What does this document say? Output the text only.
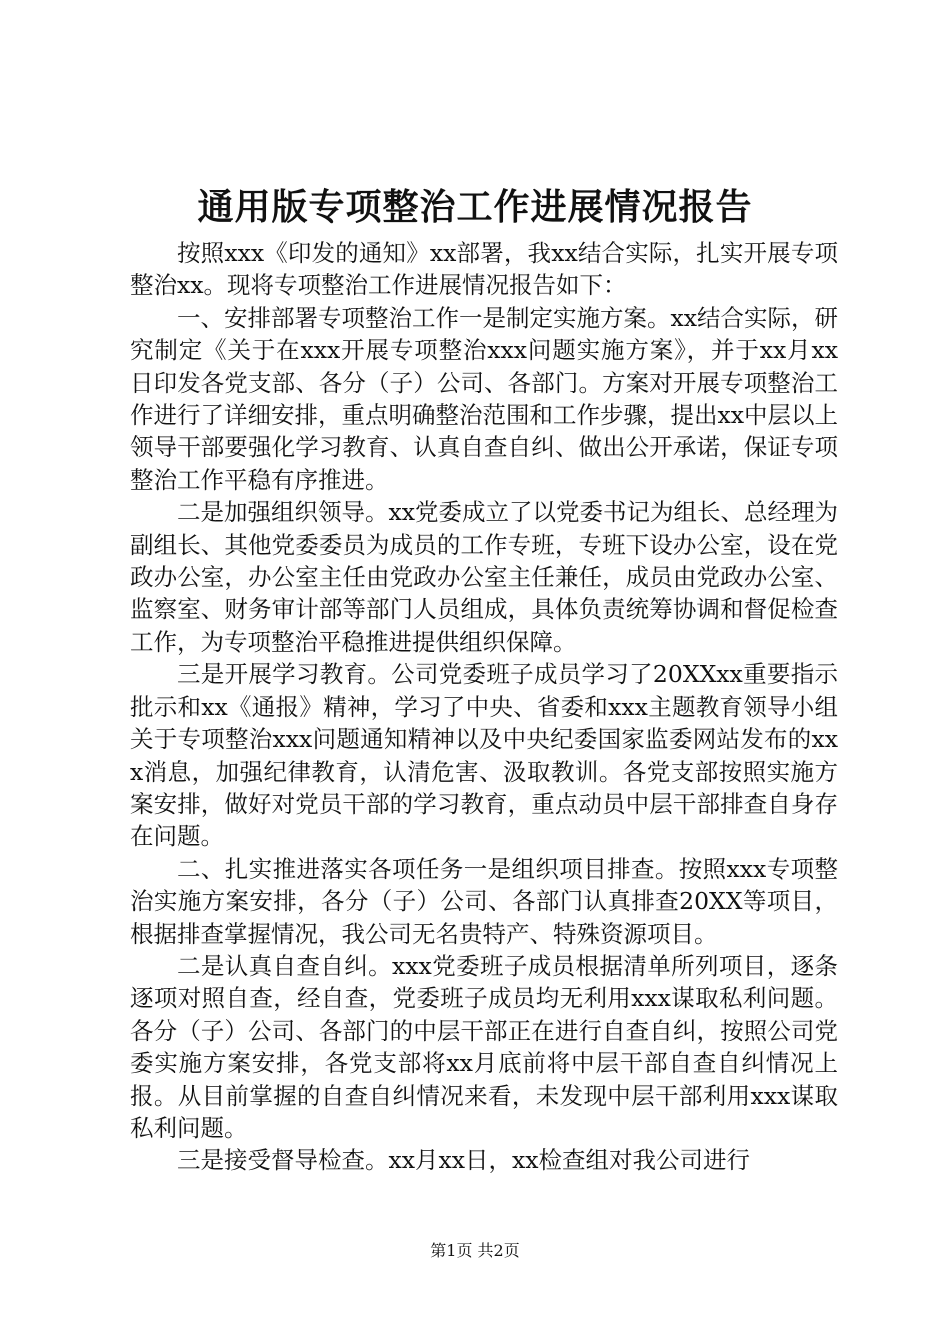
通用版专项整治工作进展情况报告

按照xxx《印发的通知》xx部署，我xx结合实际，扎实开展专项整治xx。现将专项整治工作进展情况报告如下：

一、安排部署专项整治工作一是制定实施方案。xx结合实际，研究制定《关于在xxx开展专项整治xxx问题实施方案》，并于xx月xx日印发各党支部、各分（子）公司、各部门。方案对开展专项整治工作进行了详细安排，重点明确整治范围和工作步骤，提出xx中层以上领导干部要强化学习教育、认真自查自纠、做出公开承诺，保证专项整治工作平稳有序推进。

二是加强组织领导。xx党委成立了以党委书记为组长、总经理为副组长、其他党委委员为成员的工作专班，专班下设办公室，设在党政办公室，办公室主任由党政办公室主任兼任，成员由党政办公室、监察室、财务审计部等部门人员组成，具体负责统筹协调和督促检查工作，为专项整治平稳推进提供组织保障。

三是开展学习教育。公司党委班子成员学习了20XXxx重要指示批示和xx《通报》精神，学习了中央、省委和xxx主题教育领导小组关于专项整治xxx问题通知精神以及中央纪委国家监委网站发布的xxx消息，加强纪律教育，认清危害、汲取教训。各党支部按照实施方案安排，做好对党员干部的学习教育，重点动员中层干部排查自身存在问题。

二、扎实推进落实各项任务一是组织项目排查。按照xxx专项整治实施方案安排，各分（子）公司、各部门认真排查20XX等项目，根据排查掌握情况，我公司无名贵特产、特殊资源项目。

二是认真自查自纠。xxx党委班子成员根据清单所列项目，逐条逐项对照自查，经自查，党委班子成员均无利用xxx谋取私利问题。各分（子）公司、各部门的中层干部正在进行自查自纠，按照公司党委实施方案安排，各党支部将xx月底前将中层干部自查自纠情况上报。从目前掌握的自查自纠情况来看，未发现中层干部利用xxx谋取私利问题。

三是接受督导检查。xx月xx日，xx检查组对我公司进行

第1页 共2页
